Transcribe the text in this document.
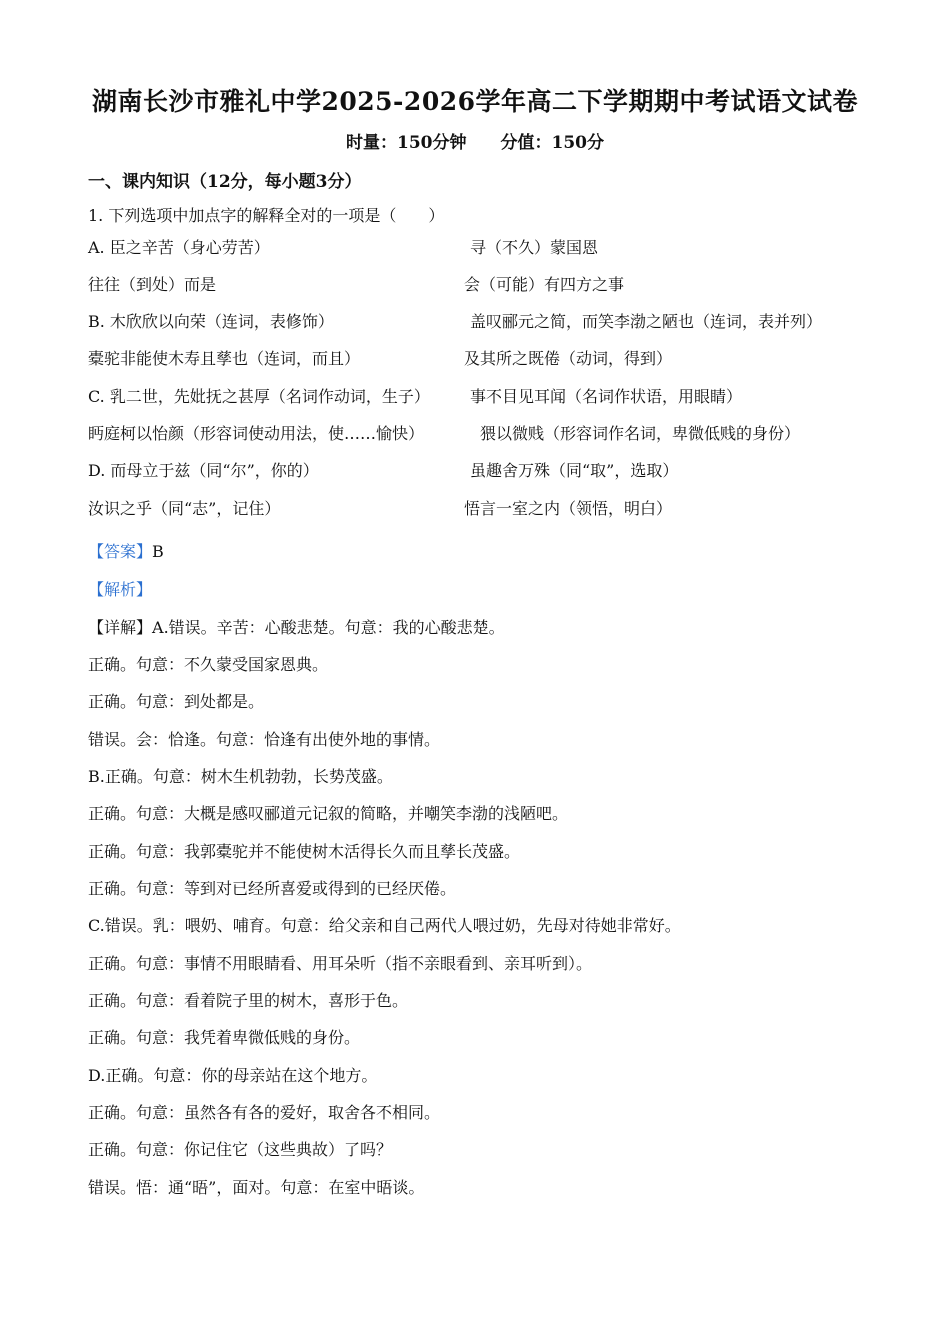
湖南长沙市雅礼中学2025-2026学年高二下学期期中考试语文试卷
时量：150分钟 分值：150分
一、课内知识（12分，每小题3分）
1. 下列选项中加点字的解释全对的一项是（　　）
A. 臣之辛苦（身心劳苦）	寻（不久）蒙国恩
往往（到处）而是	会（可能）有四方之事
B. 木欣欣以向荣（连词，表修饰）	盖叹郦元之简，而笑李渤之陋也（连词，表并列）
橐驼非能使木寿且孳也（连词，而且）	及其所之既倦（动词，得到）
C. 乳二世，先妣抚之甚厚（名词作动词，生子）	事不目见耳闻（名词作状语，用眼睛）
眄庭柯以怡颜（形容词使动用法，使……愉快）	猥以微贱（形容词作名词，卑微低贱的身份）
D. 而母立于兹（同“尔”，你的）	虽趣舍万殊（同“取”，选取）
汝识之乎（同“志”，记住）	悟言一室之内（领悟，明白）
【答案】B
【解析】
【详解】A.错误。辛苦：心酸悲楚。句意：我的心酸悲楚。
正确。句意：不久蒙受国家恩典。
正确。句意：到处都是。
错误。会：恰逢。句意：恰逢有出使外地的事情。
B.正确。句意：树木生机勃勃，长势茂盛。
正确。句意：大概是感叹郦道元记叙的简略，并嘲笑李渤的浅陋吧。
正确。句意：我郭橐驼并不能使树木活得长久而且孳长茂盛。
正确。句意：等到对已经所喜爱或得到的已经厌倦。
C.错误。乳：喂奶、哺育。句意：给父亲和自己两代人喂过奶，先母对待她非常好。
正确。句意：事情不用眼睛看、用耳朵听（指不亲眼看到、亲耳听到）。
正确。句意：看着院子里的树木，喜形于色。
正确。句意：我凭着卑微低贱的身份。
D.正确。句意：你的母亲站在这个地方。
正确。句意：虽然各有各的爱好，取舍各不相同。
正确。句意：你记住它（这些典故）了吗？
错误。悟：通“晤”，面对。句意：在室中晤谈。
